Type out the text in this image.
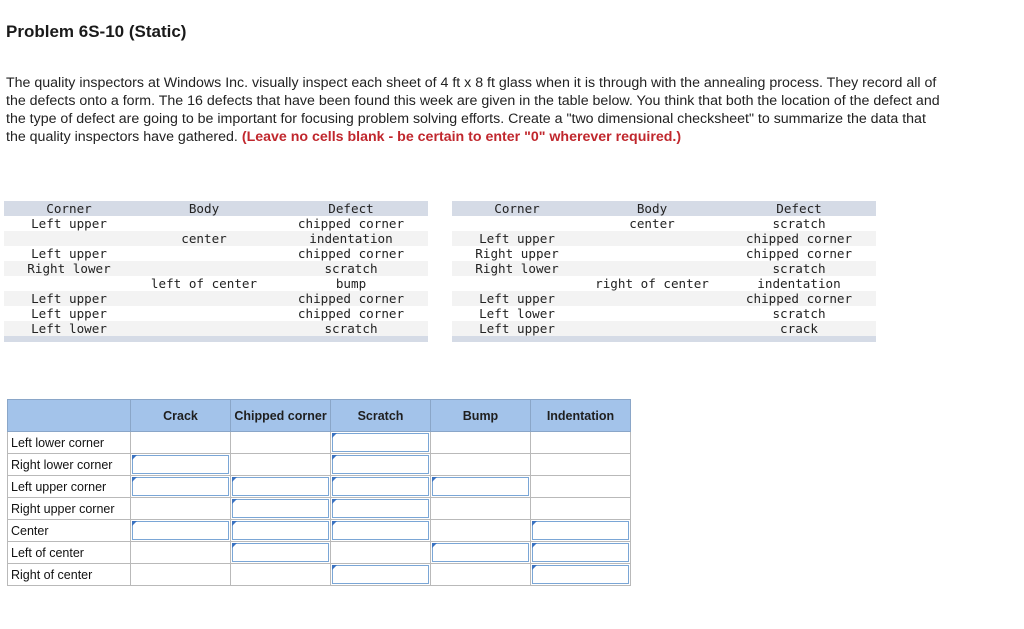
Problem 6S-10 (Static)
The quality inspectors at Windows Inc. visually inspect each sheet of 4 ft x 8 ft glass when it is through with the annealing process. They record all of the defects onto a form. The 16 defects that have been found this week are given in the table below. You think that both the location of the defect and the type of defect are going to be important for focusing problem solving efforts. Create a "two dimensional checksheet" to summarize the data that the quality inspectors have gathered. (Leave no cells blank - be certain to enter "0" wherever required.)
Corner	Body	Defect
Left upper		chipped corner
	center	indentation
Left upper		chipped corner
Right lower		scratch
	left of center	bump
Left upper		chipped corner
Left upper		chipped corner
Left lower		scratch

Corner	Body	Defect
	center	scratch
Left upper		chipped corner
Right upper		chipped corner
Right lower		scratch
	right of center	indentation
Left upper		chipped corner
Left lower		scratch
Left upper		crack

	Crack	Chipped corner	Scratch	Bump	Indentation
Left lower corner			

Right lower corner	

Left upper corner	

Right upper corner		

Center	

Left of center		

Right of center			
